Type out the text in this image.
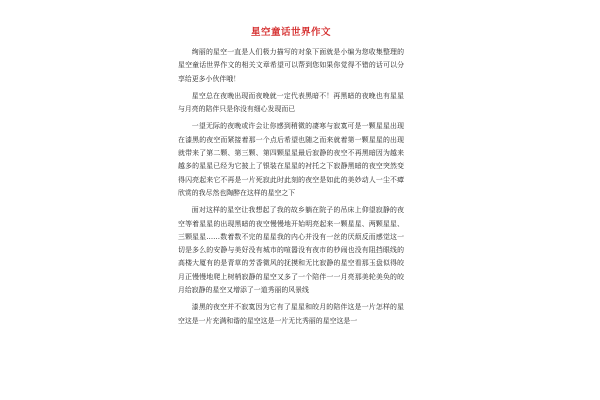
星空童话世界作文

绚丽的星空一直是人们极力描写的对象下面就是小编为您收集整理的星空童话世界作文的相关文章希望可以帮到您如果你觉得不错的话可以分享给更多小伙伴哦！

星空总在夜晚出现而夜晚就一定代表黑暗不！再黑暗的夜晚也有星星与月亮的陪伴只是你没有细心发现而已

一望无际的夜晚或许会让你感到稍微的凄寒与寂寞可是一颗星星出现在漆黑的夜空而紧接着那一个点后希望也随之而来就着第一颗星星的出现就带来了第二颗、第三颗、第四颗星星最后寂静的夜空不再黑暗因为越来越多的星星已经为它披上了银装在星星的衬托之下寂静黑暗的夜空突然变得闪亮起来它不再是一片死寂此时此刻的夜空是如此的美妙动人一尘不瘴欣赏的我尽然也陶醉在这样的星空之下

面对这样的星空让我想起了我的故乡躺在院子的吊床上仰望寂静的夜空等着星星的出现黑暗的夜空慢慢地开始明亮起来一颗星星、两颗星星、三颗星星……数着数不完的星星我的内心并没有一丝的厌烦反而感觉这一切是多么的安静与美好没有城市的喧嚣没有夜市的杪闹也没有阻挡眼线的高楼大厦有的是青草的芳香微风的抚摸和无比寂静的星空看那玉盘似得皎月正慢慢地爬上树梢寂静的星空又多了一个陪伴一一月亮那美轮美奂的皎月给寂静的星空又增添了一道秀丽的风景线

漆黑的夜空并不寂寞因为它有了星星和皎月的陪伴这是一片怎样的星空这是一片充满和谐的星空这是一片无比秀丽的星空这是一
